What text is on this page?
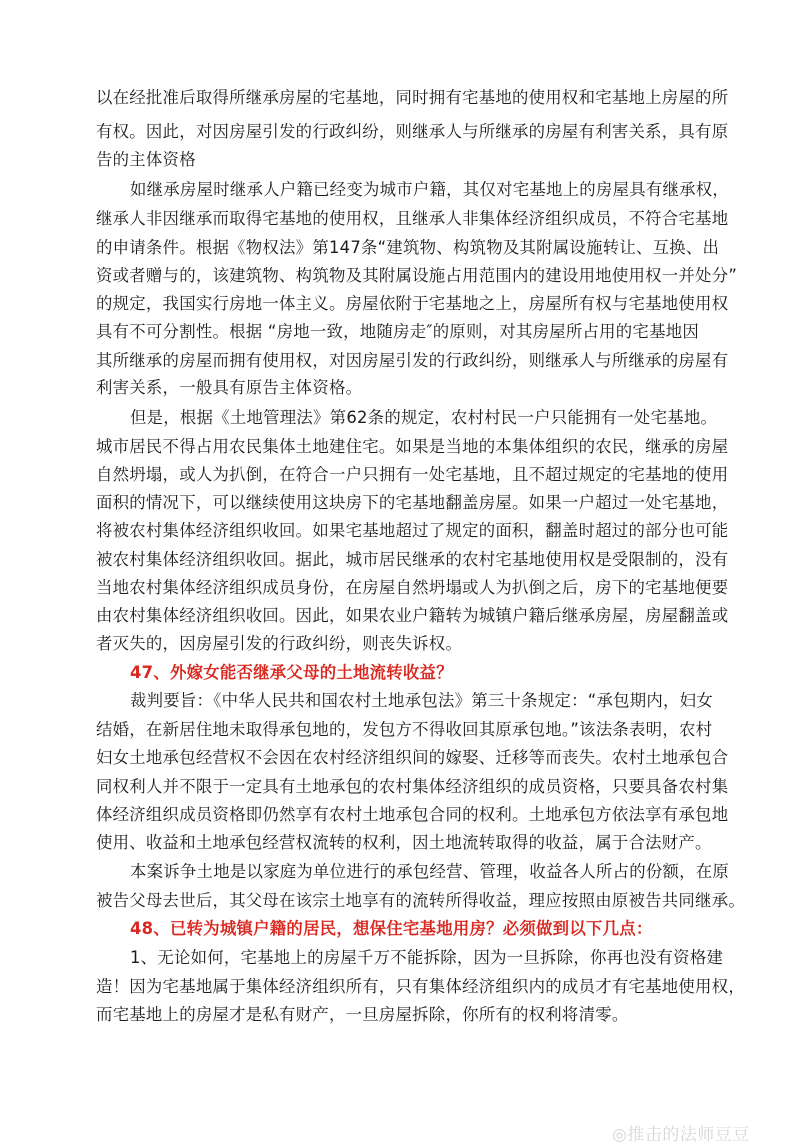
以在经批准后取得所继承房屋的宅基地，同时拥有宅基地的使用权和宅基地上房屋的所
有权。因此，对因房屋引发的行政纠纷，则继承人与所继承的房屋有利害关系，具有原
告的主体资格
如继承房屋时继承人户籍已经变为城市户籍，其仅对宅基地上的房屋具有继承权，
继承人非因继承而取得宅基地的使用权，且继承人非集体经济组织成员，不符合宅基地
的申请条件。根据《物权法》第147条“建筑物、构筑物及其附属设施转让、互换、出
资或者赠与的，该建筑物、构筑物及其附属设施占用范围内的建设用地使用权一并处分”
的规定，我国实行房地一体主义。房屋依附于宅基地之上，房屋所有权与宅基地使用权
具有不可分割性。根据 “房地一致，地随房走″的原则，对其房屋所占用的宅基地因
其所继承的房屋而拥有使用权，对因房屋引发的行政纠纷，则继承人与所继承的房屋有
利害关系，一般具有原告主体资格。
但是，根据《土地管理法》第62条的规定，农村村民一户只能拥有一处宅基地。
城市居民不得占用农民集体土地建住宅。如果是当地的本集体组织的农民，继承的房屋
自然坍塌，或人为扒倒，在符合一户只拥有一处宅基地，且不超过规定的宅基地的使用
面积的情况下，可以继续使用这块房下的宅基地翻盖房屋。如果一户超过一处宅基地，
将被农村集体经济组织收回。如果宅基地超过了规定的面积，翻盖时超过的部分也可能
被农村集体经济组织收回。据此，城市居民继承的农村宅基地使用权是受限制的，没有
当地农村集体经济组织成员身份，在房屋自然坍塌或人为扒倒之后，房下的宅基地便要
由农村集体经济组织收回。因此，如果农业户籍转为城镇户籍后继承房屋，房屋翻盖或
者灭失的，因房屋引发的行政纠纷，则丧失诉权。
47、外嫁女能否继承父母的土地流转收益？
裁判要旨：《中华人民共和国农村土地承包法》第三十条规定：“承包期内，妇女
结婚，在新居住地未取得承包地的，发包方不得收回其原承包地。”该法条表明，农村
妇女土地承包经营权不会因在农村经济组织间的嫁娶、迁移等而丧失。农村土地承包合
同权利人并不限于一定具有土地承包的农村集体经济组织的成员资格，只要具备农村集
体经济组织成员资格即仍然享有农村土地承包合同的权利。土地承包方依法享有承包地
使用、收益和土地承包经营权流转的权利，因土地流转取得的收益，属于合法财产。
本案诉争土地是以家庭为单位进行的承包经营、管理，收益各人所占的份额，在原
被告父母去世后，其父母在该宗土地享有的流转所得收益，理应按照由原被告共同继承。
48、已转为城镇户籍的居民，想保住宅基地用房？必须做到以下几点：
1、无论如何，宅基地上的房屋千万不能拆除，因为一旦拆除，你再也没有资格建
造！因为宅基地属于集体经济组织所有，只有集体经济组织内的成员才有宅基地使用权，
而宅基地上的房屋才是私有财产，一旦房屋拆除，你所有的权利将清零。
◎推击的法师豆豆
